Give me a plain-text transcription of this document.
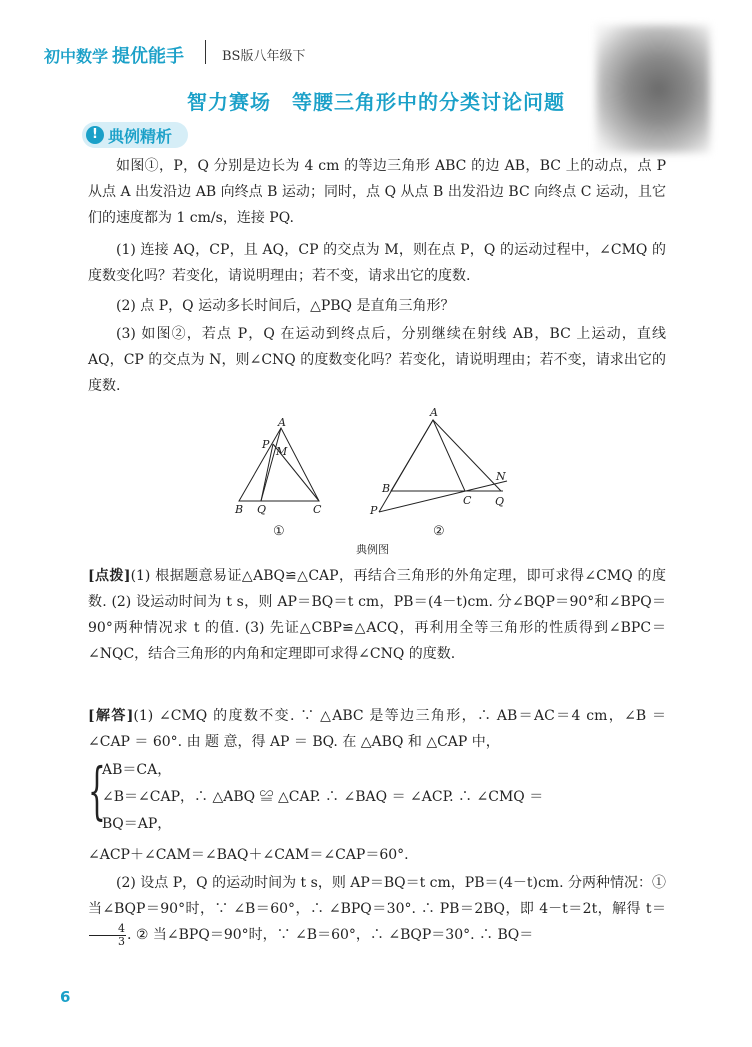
初中数学 提优能手	BS版八年级下
智力赛场　等腰三角形中的分类讨论问题
! 典例精析

如图①，P，Q 分别是边长为 4 cm 的等边三角形 ABC 的边 AB，BC 上的动点，点 P 从点 A 出发沿边 AB 向终点 B 运动；同时，点 Q 从点 B 出发沿边 BC 向终点 C 运动，且它们的速度都为 1 cm/s，连接 PQ.

(1) 连接 AQ，CP，且 AQ，CP 的交点为 M，则在点 P，Q 的运动过程中，∠CMQ 的度数变化吗？若变化，请说明理由；若不变，请求出它的度数.

(2) 点 P，Q 运动多长时间后，△PBQ 是直角三角形？

(3) 如图②，若点 P，Q 在运动到终点后，分别继续在射线 AB，BC 上运动，直线 AQ，CP 的交点为 N，则∠CNQ 的度数变化吗？若变化，请说明理由；若不变，请求出它的度数.

A
P
M
B Q	C
A
N
B
C Q
P
①	②
典例图

[点拨](1) 根据题意易证△ABQ≌△CAP，再结合三角形的外角定理，即可求得∠CMQ 的度数. (2) 设运动时间为 t s，则 AP＝BQ＝t cm，PB＝(4－t)cm. 分∠BQP＝90°和∠BPQ＝90°两种情况求 t 的值. (3) 先证△CBP≌△ACQ，再利用全等三角形的性质得到∠BPC＝∠NQC，结合三角形的内角和定理即可求得∠CNQ 的度数.

[解答](1) ∠CMQ 的度数不变. ∵ △ABC 是等边三角形，∴ AB＝AC＝4 cm，∠B ＝ ∠CAP ＝ 60°. 由 题 意，得 AP ＝ BQ. 在 △ABQ 和 △CAP 中，

{

AB＝CA，

∠B＝∠CAP，∴ △ABQ ≌ △CAP. ∴ ∠BAQ ＝ ∠ACP. ∴ ∠CMQ ＝

BQ＝AP，

∠ACP＋∠CAM＝∠BAQ＋∠CAM＝∠CAP＝60°.

(2) 设点 P，Q 的运动时间为 t s，则 AP＝BQ＝t cm，PB＝(4－t)cm. 分两种情况：① 当∠BQP＝90°时，∵ ∠B＝60°，∴ ∠BPQ＝30°. ∴ PB＝2BQ，即 4－t＝2t，解得 t＝
$\frac{4}{3}$ . ② 当∠BPQ＝90°时，∵ ∠B＝60°，∴ ∠BQP＝30°. ∴ BQ＝

6
